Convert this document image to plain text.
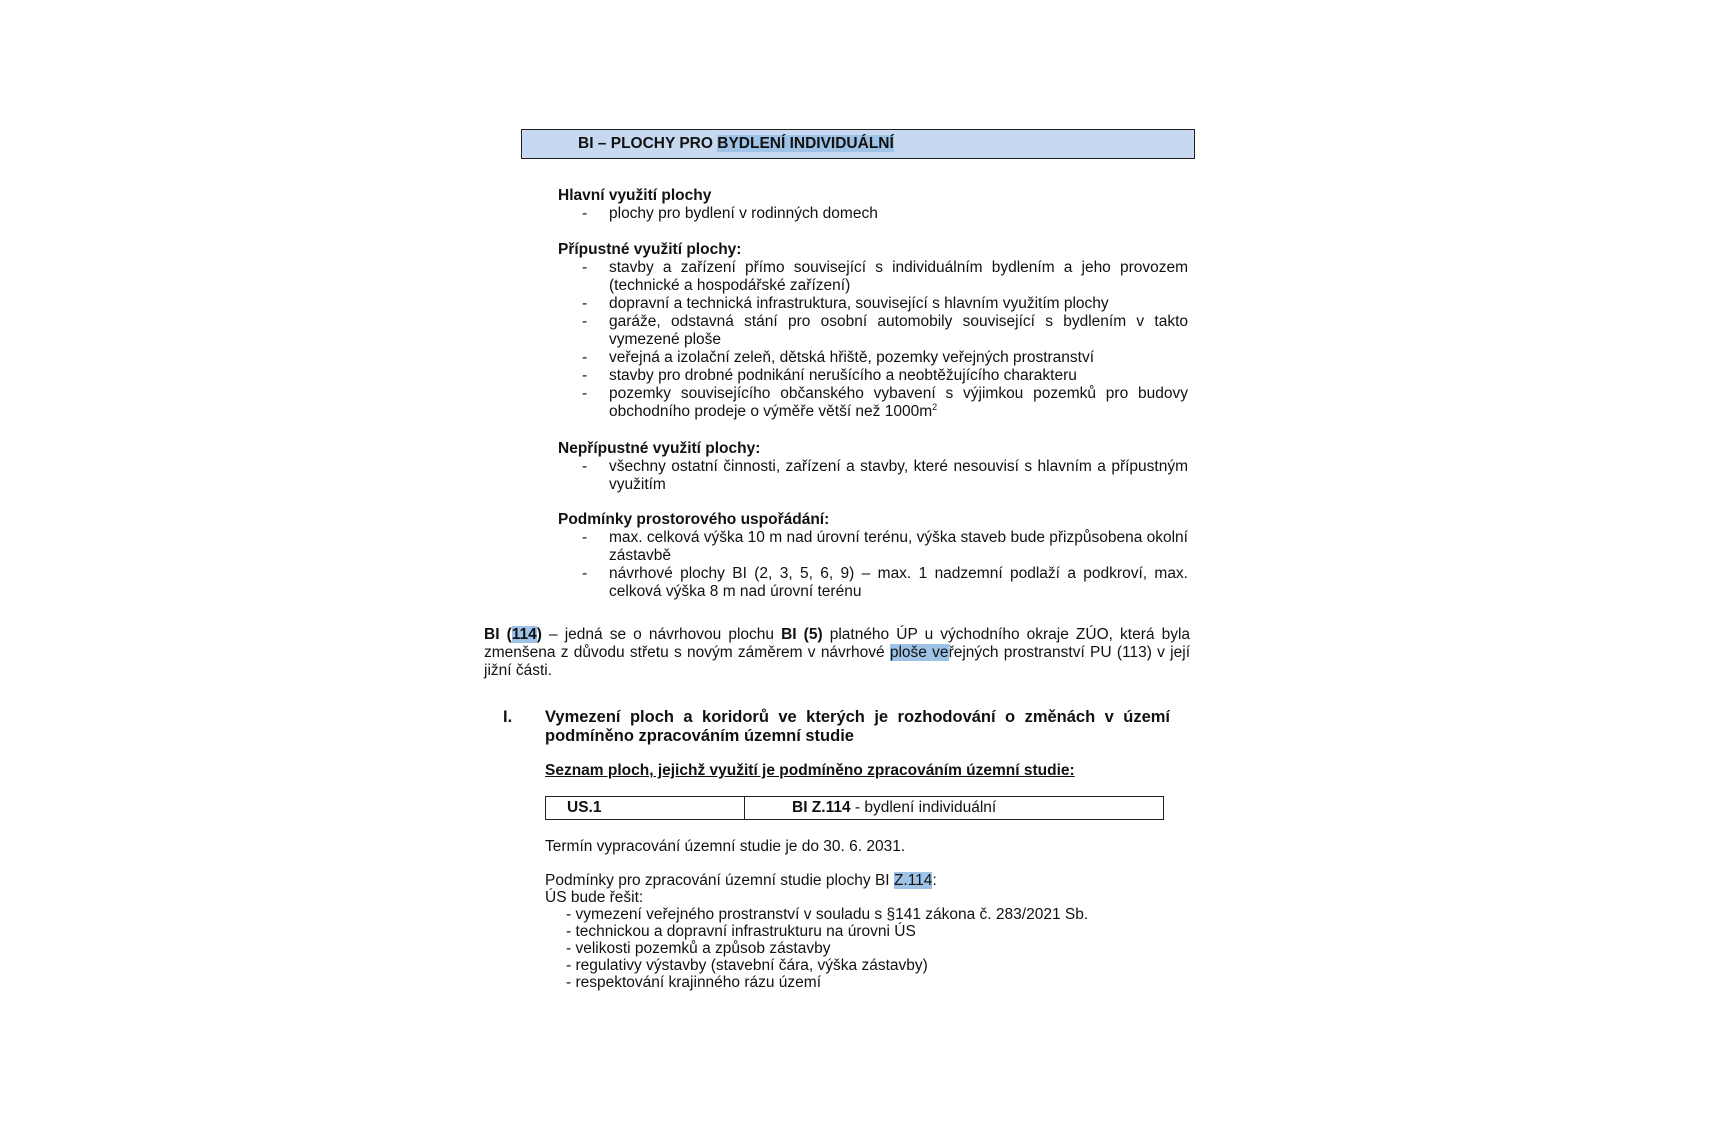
BI – PLOCHY PRO BYDLENÍ INDIVIDUÁLNÍ

Hlavní využití plochy

- plochy pro bydlení v rodinných domech

Přípustné využití plochy:

- stavby a zařízení přímo související s individuálním bydlením a jeho provozem (technické a hospodářské zařízení)
- dopravní a technická infrastruktura, související s hlavním využitím plochy
- garáže, odstavná stání pro osobní automobily související s bydlením v takto vymezené ploše
- veřejná a izolační zeleň, dětská hřiště, pozemky veřejných prostranství
- stavby pro drobné podnikání nerušícího a neobtěžujícího charakteru
- pozemky souvisejícího občanského vybavení s výjimkou pozemků pro budovy obchodního prodeje o výměře větší než $1000m^2$

Nepřípustné využití plochy:

- všechny ostatní činnosti, zařízení a stavby, které nesouvisí s hlavním a přípustným využitím

Podmínky prostorového uspořádání:

- max. celková výška 10 m nad úrovní terénu, výška staveb bude přizpůsobena okolní zástavbě
- návrhové plochy BI (2, 3, 5, 6, 9) – max. 1 nadzemní podlaží a podkroví, max. celková výška 8 m nad úrovní terénu
BI (114) – jedná se o návrhovou plochu BI (5) platného ÚP u východního okraje ZÚO, která byla zmenšena z důvodu střetu s novým záměrem v návrhové ploše veřejných prostranství PU (113) v její jižní části.
I. Vymezení ploch a koridorů ve kterých je rozhodování o změnách v území podmíněno zpracováním územní studie
Seznam ploch, jejichž využití je podmíněno zpracováním územní studie:
US.1	BI Z.114 - bydlení individuální
Termín vypracování územní studie je do 30. 6. 2031.
Podmínky pro zpracování územní studie plochy BI Z.114:
ÚS bude řešit:
- vymezení veřejného prostranství v souladu s §141 zákona č. 283/2021 Sb.
- technickou a dopravní infrastrukturu na úrovni ÚS
- velikosti pozemků a způsob zástavby
- regulativy výstavby (stavební čára, výška zástavby)
- respektování krajinného rázu území
